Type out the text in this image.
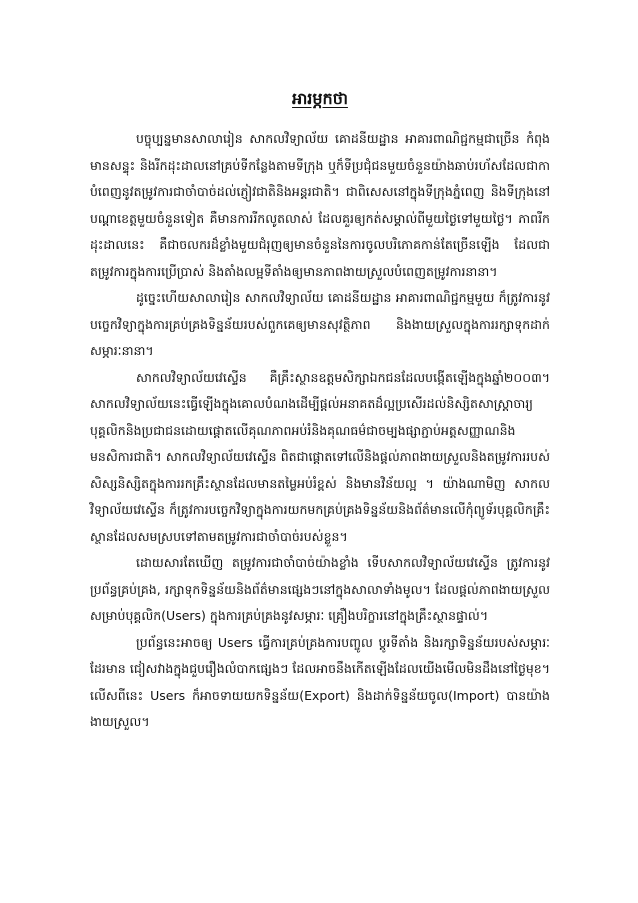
អារម្ភកថា

បច្ចុប្បន្នមានសាលារៀន សាកលវិទ្យាល័យ គោដនីយដ្ឋាន អាគារពាណិជ្ជកម្មជាច្រើន កំពុងមានសន្ទុះ និងរីកដុះដាលនៅគ្រប់ទីកន្លែងតាមទីក្រុង ឬក៏ទីប្រជុំជនមួយចំនួនយ៉ាងឆាប់រហ័សដែលជាកាបំពេញនូវតម្រូវការជាចាំបាច់ដល់ភ្ញៀវជាតិនិងអន្តរជាតិ។ ជាពិសេសនៅក្នុងទីក្រុងភ្នំពេញ និងទីក្រុងនៅបណ្តាខេត្តមួយចំនួនទៀត គឺមានការរីកលូតលាស់ ដែលគួរឲ្យកត់សម្គាល់ពីមួយថ្ងៃទៅមួយថ្ងៃ។ ភាពរីកដុះដាលនេះ គឺជាចលករដ៏ខ្លាំងមួយជំរុញឲ្យមានចំនួននៃការចូលបរិភោគកាន់តែច្រើនឡើង ដែលជាតម្រូវការក្នុងការប្រើប្រាស់ និងតាំងលម្អទីតាំងឲ្យមានភាពងាយស្រួលបំពេញតម្រូវការនានា។

ដូច្នេះហើយសាលារៀន សាកលវិទ្យាល័យ គោដនីយដ្ឋាន អាគារពាណិជ្ជកម្មមួយ ក៏ត្រូវការនូវបច្ចេកវិទ្យាក្នុងការគ្រប់គ្រងទិន្នន័យរបស់ពួកគេឲ្យមានសុវត្ថិភាព និងងាយស្រួលក្នុងការរក្សាទុកដាក់សម្ភារៈនានា។

សាកលវិទ្យាល័យវេស្ទើន គឺគ្រឹះស្ថានឧត្តមសិក្សាឯកជនដែលបង្កើតឡើងក្នុងឆ្នាំ២០០៣។ សាកលវិទ្យាល័យនេះធ្វើឡើងក្នុងគោលបំណងដើម្បីផ្តល់អនាគតដ៏ល្អប្រសើរដល់និស្សិតសាស្រ្តាចារ្យ បុគ្គលិកនិងប្រជាជនដោយផ្តោតលើគុណភាពអប់រំនិងគុណធម៌ជាចម្បងផ្សាភ្ជាប់អត្តសញ្ញាណនិងមនសិការជាតិ។ សាកលវិទ្យាល័យវេស្ទើន ពិតជាផ្តោតទៅលើនិងផ្តល់ភាពងាយស្រួលនិងតម្រូវការរបស់សិស្សនិស្សិតក្នុងការរកគ្រឹះស្ថានដែលមានតម្លៃអប់រំខ្ពស់ និងមានវិន័យល្អ ។ យ៉ាងណាមិញ សាកលវិទ្យាល័យវេស្ទើន ក៏ត្រូវការបច្ចេកវិទ្យាក្នុងការយកមកគ្រប់គ្រងទិន្នន័យនិងព័ត៌មានលើកុំព្យូទ័របុគ្គលិកគ្រឹះស្ថានដែលសមស្របទៅតាមតម្រូវការជាចាំបាច់របស់ខ្លួន។

ដោយសារតែឃើញ តម្រូវការជាចាំបាច់យ៉ាងខ្លាំង ទើបសាកលវិទ្យាល័យវេស្ទើន ត្រូវការនូវប្រព័ន្ធគ្រប់គ្រង, រក្សាទុកទិន្នន័យនិងព័ត៌មានផ្សេងៗនៅក្នុងសាលាទាំងមូល។ ដែលផ្តល់ភាពងាយស្រួលសម្រាប់បុគ្គលិក(Users) ក្នុងការគ្រប់គ្រងនូវសម្ភារៈ គ្រឿងបរិក្ខារនៅក្នុងគ្រឹះស្ថានផ្ទាល់។

ប្រព័ន្ធនេះអាចឲ្យ Users ធ្វើការគ្រប់គ្រងការបញ្ចូល ប្តូរទីតាំង និងរក្សាទិន្នន័យរបស់សម្ភារៈដែរមាន ជៀសវាងក្នុងជួបរឿងលំបាកផ្សេងៗ ដែលអាចនឹងកើតឡើងដែលយើងមើលមិនដឹងនៅថ្ងៃមុខ។ លើសពីនេះ Users ក៏អាចទាយយកទិន្នន័យ(Export) និងដាក់ទិន្នន័យចូល(Import) បានយ៉ាងងាយស្រួល។
